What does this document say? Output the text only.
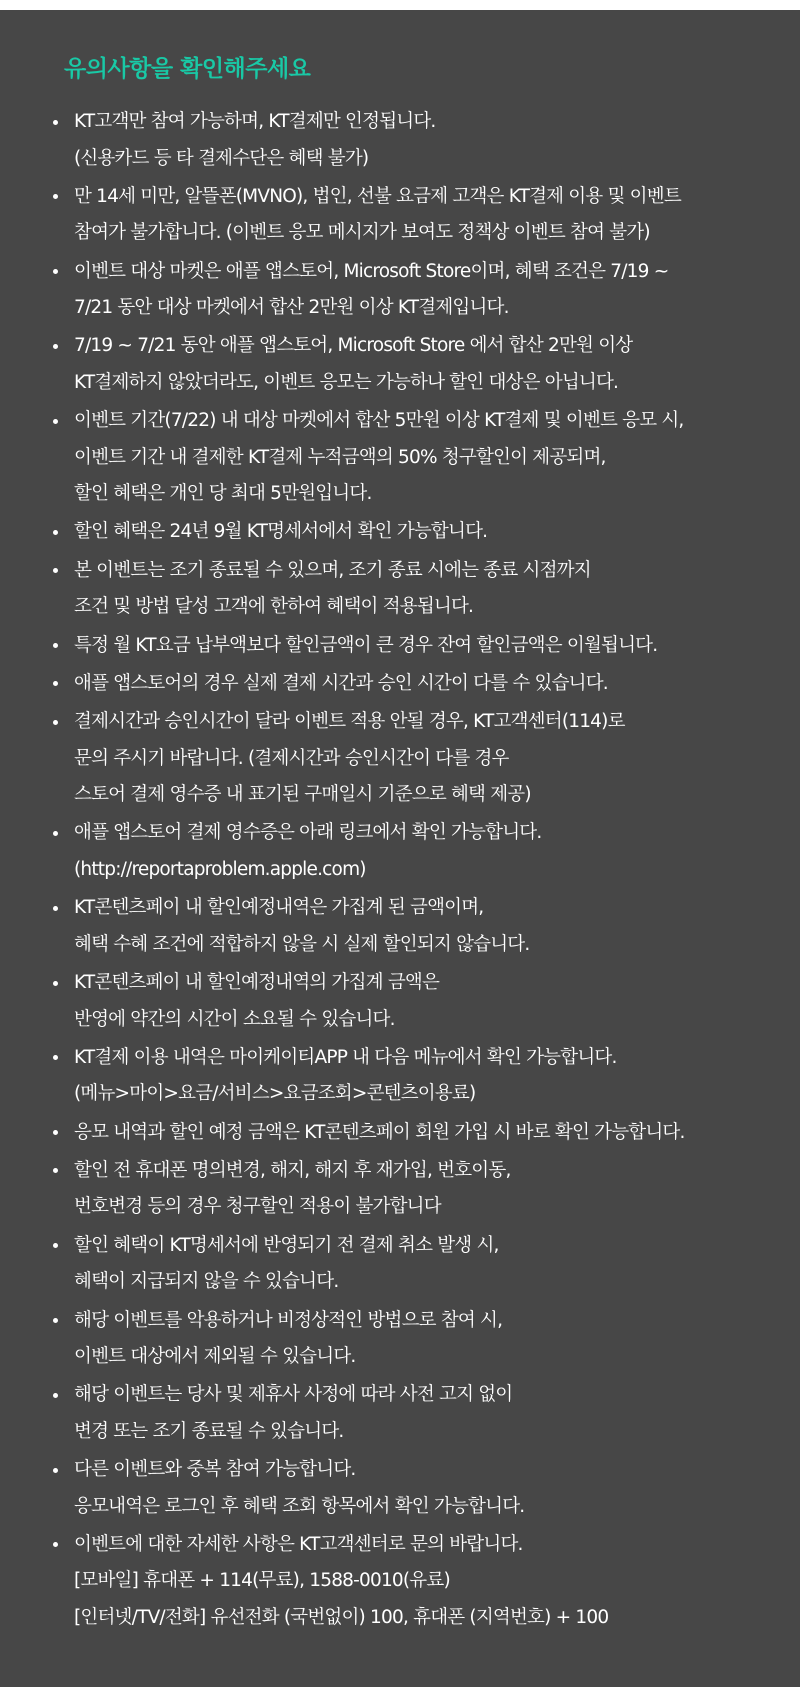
유의사항을 확인해주세요
KT고객만 참여 가능하며, KT결제만 인정됩니다.
(신용카드 등 타 결제수단은 혜택 불가)
만 14세 미만, 알뜰폰(MVNO), 법인, 선불 요금제 고객은 KT결제 이용 및 이벤트
참여가 불가합니다. (이벤트 응모 메시지가 보여도 정책상 이벤트 참여 불가)
이벤트 대상 마켓은 애플 앱스토어, Microsoft Store이며, 혜택 조건은 7/19 ~
7/21 동안 대상 마켓에서 합산 2만원 이상 KT결제입니다.
7/19 ~ 7/21 동안 애플 앱스토어, Microsoft Store 에서 합산 2만원 이상
KT결제하지 않았더라도, 이벤트 응모는 가능하나 할인 대상은 아닙니다.
이벤트 기간(7/22) 내 대상 마켓에서 합산 5만원 이상 KT결제 및 이벤트 응모 시,
이벤트 기간 내 결제한 KT결제 누적금액의 50% 청구할인이 제공되며,
할인 혜택은 개인 당 최대 5만원입니다.
할인 혜택은 24년 9월 KT명세서에서 확인 가능합니다.
본 이벤트는 조기 종료될 수 있으며, 조기 종료 시에는 종료 시점까지
조건 및 방법 달성 고객에 한하여 혜택이 적용됩니다.
특정 월 KT요금 납부액보다 할인금액이 큰 경우 잔여 할인금액은 이월됩니다.
애플 앱스토어의 경우 실제 결제 시간과 승인 시간이 다를 수 있습니다.
결제시간과 승인시간이 달라 이벤트 적용 안될 경우, KT고객센터(114)로
문의 주시기 바랍니다. (결제시간과 승인시간이 다를 경우
스토어 결제 영수증 내 표기된 구매일시 기준으로 혜택 제공)
애플 앱스토어 결제 영수증은 아래 링크에서 확인 가능합니다.
(http://reportaproblem.apple.com)
KT콘텐츠페이 내 할인예정내역은 가집계 된 금액이며,
혜택 수혜 조건에 적합하지 않을 시 실제 할인되지 않습니다.
KT콘텐츠페이 내 할인예정내역의 가집계 금액은
반영에 약간의 시간이 소요될 수 있습니다.
KT결제 이용 내역은 마이케이티APP 내 다음 메뉴에서 확인 가능합니다.
(메뉴>마이>요금/서비스>요금조회>콘텐츠이용료)
응모 내역과 할인 예정 금액은 KT콘텐츠페이 회원 가입 시 바로 확인 가능합니다.
할인 전 휴대폰 명의변경, 해지, 해지 후 재가입, 번호이동,
번호변경 등의 경우 청구할인 적용이 불가합니다
할인 혜택이 KT명세서에 반영되기 전 결제 취소 발생 시,
혜택이 지급되지 않을 수 있습니다.
해당 이벤트를 악용하거나 비정상적인 방법으로 참여 시,
이벤트 대상에서 제외될 수 있습니다.
해당 이벤트는 당사 및 제휴사 사정에 따라 사전 고지 없이
변경 또는 조기 종료될 수 있습니다.
다른 이벤트와 중복 참여 가능합니다.
응모내역은 로그인 후 혜택 조회 항목에서 확인 가능합니다.
이벤트에 대한 자세한 사항은 KT고객센터로 문의 바랍니다.
[모바일] 휴대폰 + 114(무료), 1588-0010(유료)
[인터넷/TV/전화] 유선전화 (국번없이) 100, 휴대폰 (지역번호) + 100
